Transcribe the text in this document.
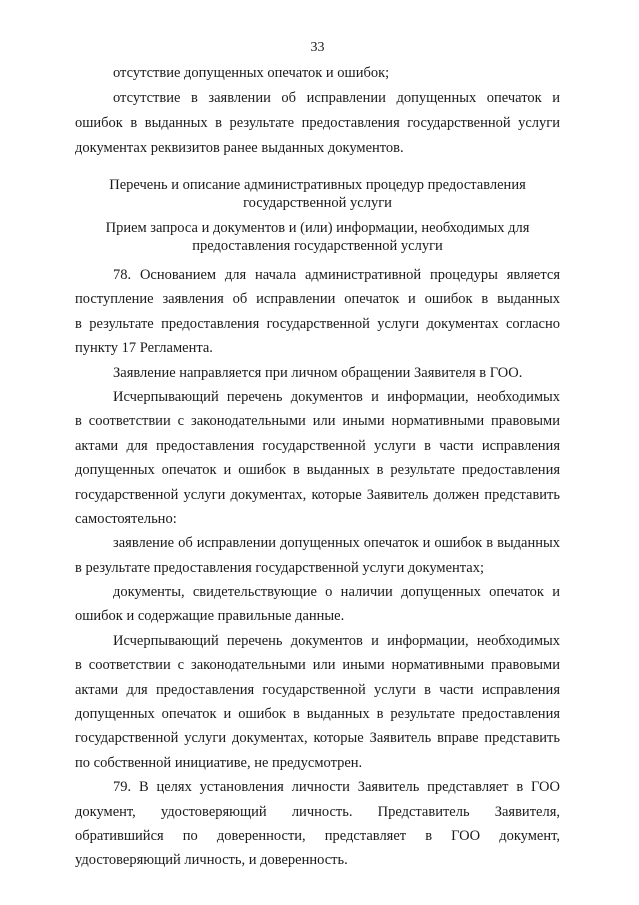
33
отсутствие допущенных опечаток и ошибок;
отсутствие в заявлении об исправлении допущенных опечаток и
ошибок в выданных в результате предоставления государственной услуги
документах реквизитов ранее выданных документов.
Перечень и описание административных процедур предоставления
государственной услуги
Прием запроса и документов и (или) информации, необходимых для
предоставления государственной услуги
78. Основанием для начала административной процедуры является
поступление заявления об исправлении опечаток и ошибок в выданных
в результате предоставления государственной услуги документах согласно
пункту 17 Регламента.
Заявление направляется при личном обращении Заявителя в ГОО.
Исчерпывающий перечень документов и информации, необходимых
в соответствии с законодательными или иными нормативными правовыми
актами для предоставления государственной услуги в части исправления
допущенных опечаток и ошибок в выданных в результате предоставления
государственной услуги документах, которые Заявитель должен представить
самостоятельно:
заявление об исправлении допущенных опечаток и ошибок в выданных
в результате предоставления государственной услуги документах;
документы, свидетельствующие о наличии допущенных опечаток и
ошибок и содержащие правильные данные.
Исчерпывающий перечень документов и информации, необходимых
в соответствии с законодательными или иными нормативными правовыми
актами для предоставления государственной услуги в части исправления
допущенных опечаток и ошибок в выданных в результате предоставления
государственной услуги документах, которые Заявитель вправе представить
по собственной инициативе, не предусмотрен.
79. В целях установления личности Заявитель представляет в ГОО
документ, удостоверяющий личность. Представитель Заявителя,
обратившийся по доверенности, представляет в ГОО документ,
удостоверяющий личность, и доверенность.
